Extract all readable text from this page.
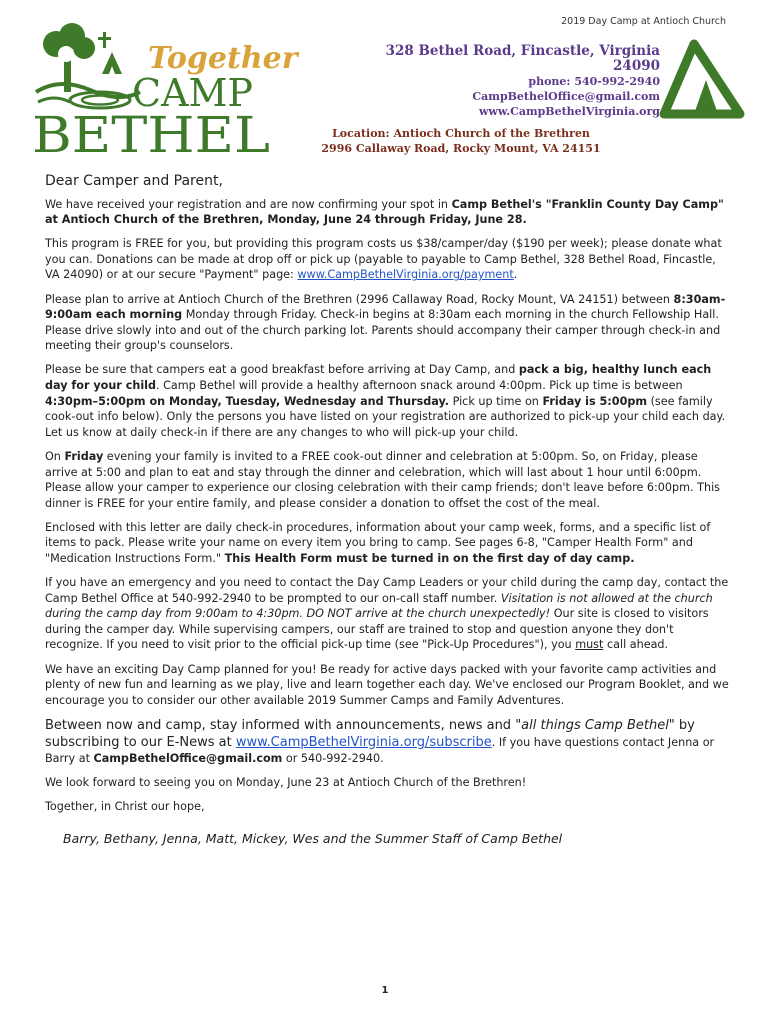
2019 Day Camp at Antioch Church
Together
CAMP
BETHEL
328 Bethel Road, Fincastle, Virginia 24090
phone: 540-992-2940
CampBethelOffice@gmail.com
www.CampBethelVirginia.org
Location: Antioch Church of the Brethren
2996 Callaway Road, Rocky Mount, VA 24151
Dear Camper and Parent,

We have received your registration and are now confirming your spot in Camp Bethel's "Franklin County Day Camp" at Antioch Church of the Brethren, Monday, June 24 through Friday, June 28.

This program is FREE for you, but providing this program costs us $38/camper/day ($190 per week); please donate what you can. Donations can be made at drop off or pick up (payable to payable to Camp Bethel, 328 Bethel Road, Fincastle, VA 24090) or at our secure "Payment" page: www.CampBethelVirginia.org/payment.

Please plan to arrive at Antioch Church of the Brethren (2996 Callaway Road, Rocky Mount, VA 24151) between 8:30am-9:00am each morning Monday through Friday. Check-in begins at 8:30am each morning in the church Fellowship Hall. Please drive slowly into and out of the church parking lot. Parents should accompany their camper through check-in and meeting their group's counselors.

Please be sure that campers eat a good breakfast before arriving at Day Camp, and pack a big, healthy lunch each day for your child. Camp Bethel will provide a healthy afternoon snack around 4:00pm. Pick up time is between 4:30pm–5:00pm on Monday, Tuesday, Wednesday and Thursday. Pick up time on Friday is 5:00pm (see family cook-out info below). Only the persons you have listed on your registration are authorized to pick-up your child each day. Let us know at daily check-in if there are any changes to who will pick-up your child.

On Friday evening your family is invited to a FREE cook-out dinner and celebration at 5:00pm. So, on Friday, please arrive at 5:00 and plan to eat and stay through the dinner and celebration, which will last about 1 hour until 6:00pm. Please allow your camper to experience our closing celebration with their camp friends; don't leave before 6:00pm. This dinner is FREE for your entire family, and please consider a donation to offset the cost of the meal.

Enclosed with this letter are daily check-in procedures, information about your camp week, forms, and a specific list of items to pack. Please write your name on every item you bring to camp. See pages 6-8, "Camper Health Form" and "Medication Instructions Form." This Health Form must be turned in on the first day of day camp.

If you have an emergency and you need to contact the Day Camp Leaders or your child during the camp day, contact the Camp Bethel Office at 540-992-2940 to be prompted to our on-call staff number. Visitation is not allowed at the church during the camp day from 9:00am to 4:30pm. DO NOT arrive at the church unexpectedly! Our site is closed to visitors during the camper day. While supervising campers, our staff are trained to stop and question anyone they don't recognize. If you need to visit prior to the official pick-up time (see "Pick-Up Procedures"), you must call ahead.

We have an exciting Day Camp planned for you! Be ready for active days packed with your favorite camp activities and plenty of new fun and learning as we play, live and learn together each day. We've enclosed our Program Booklet, and we encourage you to consider our other available 2019 Summer Camps and Family Adventures.

Between now and camp, stay informed with announcements, news and "all things Camp Bethel" by subscribing to our E-News at www.CampBethelVirginia.org/subscribe. If you have questions contact Jenna or Barry at CampBethelOffice@gmail.com or 540-992-2940.

We look forward to seeing you on Monday, June 23 at Antioch Church of the Brethren!

Together, in Christ our hope,

Barry, Bethany, Jenna, Matt, Mickey, Wes and the Summer Staff of Camp Bethel
1
